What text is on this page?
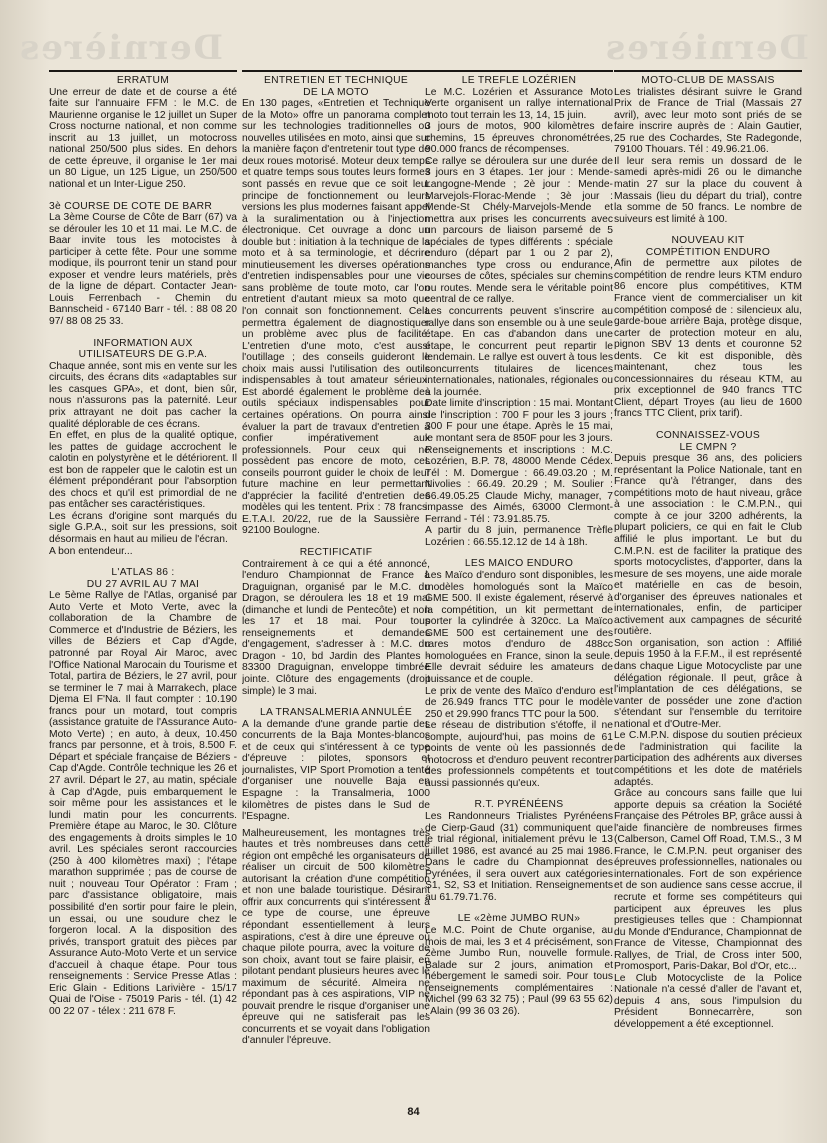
Dernières	Dernières
ERRATUM

Une erreur de date et de course a été faite sur l'annuaire FFM : le M.C. de Maurienne organise le 12 juillet un Super Cross nocturne national, et non comme inscrit au 13 juillet, un motocross national 250/500 plus sides. En dehors de cette épreuve, il organise le 1er mai un 80 Ligue, un 125 Ligue, un 250/500 national et un Inter-Ligue 250.

3è COURSE DE COTE DE BARR

La 3ème Course de Côte de Barr (67) va se dérouler les 10 et 11 mai. Le M.C. de Baar invite tous les motocistes à participer à cette fête. Pour une somme modique, ils pourront tenir un stand pour exposer et vendre leurs matériels, près de la ligne de départ. Contacter Jean-Louis Ferrenbach - Chemin du Bannscheid - 67140 Barr - tél. : 88 08 20 97/ 88 08 25 33.

INFORMATION AUX
UTILISATEURS DE G.P.A.

Chaque année, sont mis en vente sur les circuits, des écrans dits «adaptables sur les casques GPA», et dont, bien sûr, nous n'assurons pas la paternité. Leur prix attrayant ne doit pas cacher la qualité déplorable de ces écrans.

En effet, en plus de la qualité optique, les pattes de guidage accrochent le calotin en polystyrène et le détériorent. Il est bon de rappeler que le calotin est un élément prépondérant pour l'absorption des chocs et qu'il est primordial de ne pas entâcher ses caractéristiques.

Les écrans d'origine sont marqués du sigle G.P.A., soit sur les pressions, soit désormais en haut au milieu de l'écran.

A bon entendeur...

L'ATLAS 86 :
DU 27 AVRIL AU 7 MAI

Le 5ème Rallye de l'Atlas, organisé par Auto Verte et Moto Verte, avec la collaboration de la Chambre de Commerce et d'Industrie de Béziers, les villes de Béziers et Cap d'Agde, patronné par Royal Air Maroc, avec l'Office National Marocain du Tourisme et Total, partira de Béziers, le 27 avril, pour se terminer le 7 mai à Marrakech, place Djema El F'Na. Il faut compter : 10.190 francs pour un motard, tout compris (assistance gratuite de l'Assurance Auto-Moto Verte) ; en auto, à deux, 10.450 francs par personne, et à trois, 8.500 F. Départ et spéciale française de Béziers - Cap d'Agde. Contrôle technique les 26 et 27 avril. Départ le 27, au matin, spéciale à Cap d'Agde, puis embarquement le soir même pour les assistances et le lundi matin pour les concurrents. Première étape au Maroc, le 30. Clôture des engagements à droits simples le 10 avril. Les spéciales seront raccourcies (250 à 400 kilomètres maxi) ; l'étape marathon supprimée ; pas de course de nuit ; nouveau Tour Opérator : Fram ; parc d'assistance obligatoire, mais possibilité d'en sortir pour faire le plein, un essai, ou une soudure chez le forgeron local. A la disposition des privés, transport gratuit des pièces par Assurance Auto-Moto Verte et un service d'accueil à chaque étape. Pour tous renseignements : Service Presse Atlas : Eric Glain - Editions Larivière - 15/17 Quai de l'Oise - 75019 Paris - tél. (1) 42 00 22 07 - télex : 211 678 F.

ENTRETIEN ET TECHNIQUE
DE LA MOTO

En 130 pages, «Entretien et Technique de la Moto» offre un panorama complet sur les technologies traditionnelles ou nouvelles utilisées en moto, ainsi que sur la manière façon d'entretenir tout type de deux roues motorisé. Moteur deux temps et quatre temps sous toutes leurs formes sont passés en revue que ce soit leur principe de fonctionnement ou leurs versions les plus modernes faisant appel à la suralimentation ou à l'injection électronique. Cet ouvrage a donc un double but : initiation à la technique de la moto et à sa terminologie, et décrire minutieusement les diverses opérations d'entretien indispensables pour une vie sans problème de toute moto, car l'on entretient d'autant mieux sa moto que l'on connait son fonctionnement. Cela permettra également de diagnostiquer un problème avec plus de facilité. L'entretien d'une moto, c'est aussi l'outillage ; des conseils guideront le choix mais aussi l'utilisation des outils indispensables à tout amateur sérieux. Est abordé également le problème des outils spéciaux indispensables pour certaines opérations. On pourra ainsi évaluer la part de travaux d'entretien à confier impérativement aux professionnels. Pour ceux qui ne possèdent pas encore de moto, ces conseils pourront guider le choix de leur future machine en leur permettant d'apprécier la facilité d'entretien des modèles qui les tentent. Prix : 78 francs. E.T.A.I. 20/22, rue de la Saussière - 92100 Boulogne.

RECTIFICATIF

Contrairement à ce qui a été annoncé, l'enduro Championnat de France à Draguignan, organisé par le M.C. du Dragon, se déroulera les 18 et 19 mai (dimanche et lundi de Pentecôte) et non les 17 et 18 mai. Pour tous renseignements et demandes d'engagement, s'adresser à : M.C. du Dragon - 10, bd Jardin des Plantes - 83300 Draguignan, enveloppe timbrée jointe. Clôture des engagements (droit simple) le 3 mai.

LA TRANSALMERIA ANNULÉE

A la demande d'une grande partie des concurrents de la Baja Montes-blancos et de ceux qui s'intéressent à ce type d'épreuve : pilotes, sponsors et journalistes, VIP Sport Promotion a tenté d'organiser une nouvelle Baja en Espagne : la Transalmeria, 1000 kilomètres de pistes dans le Sud de l'Espagne.

Malheureusement, les montagnes très hautes et très nombreuses dans cette région ont empêché les organisateurs de réaliser un circuit de 500 kilomètres autorisant la création d'une compétition et non une balade touristique. Désirant offrir aux concurrents qui s'intéressent à ce type de course, une épreuve répondant essentiellement à leurs aspirations, c'est à dire une épreuve où chaque pilote pourra, avec la voiture de son choix, avant tout se faire plaisir, en pilotant pendant plusieurs heures avec le maximum de sécurité. Almeira ne répondant pas à ces aspirations, VIP ne pouvait prendre le risque d'organiser une épreuve qui ne satisferait pas les concurrents et se voyait dans l'obligation d'annuler l'épreuve.

LE TREFLE LOZÉRIEN

Le M.C. Lozérien et Assurance Moto Verte organisent un rallye international moto tout terrain les 13, 14, 15 juin.

3 jours de motos, 900 kilomètres de chemins, 15 épreuves chronométrées, 90.000 francs de récompenses.

Ce rallye se déroulera sur une durée de 3 jours en 3 étapes. 1er jour : Mende-Langogne-Mende ; 2è jour : Mende-Marvejols-Florac-Mende ; 3è jour : Mende-St Chély-Marvejols-Mende et mettra aux prises les concurrents avec un parcours de liaison parsemé de 5 spéciales de types différents : spéciale enduro (départ par 1 ou 2 par 2), manches type cross ou endurance, courses de côtes, spéciales sur chemins ou routes. Mende sera le véritable point central de ce rallye.

Les concurrents peuvent s'inscrire au rallye dans son ensemble ou à une seule étape. En cas d'abandon dans une étape, le concurrent peut repartir le lendemain. Le rallye est ouvert à tous les concurrents titulaires de licences internationales, nationales, régionales ou à la journée.

Date limite d'inscription : 15 mai. Montant de l'inscription : 700 F pour les 3 jours ; 300 F pour une étape. Après le 15 mai, le montant sera de 850F pour les 3 jours.

Renseignements et inscriptions : M.C. Lozérien, B.P. 78, 48000 Mende Cédex. Tél : M. Domergue : 66.49.03.20 ; M. Nivolies : 66.49. 20.29 ; M. Soulier : 66.49.05.25 Claude Michy, manager, 7 impasse des Aimés, 63000 Clermont-Ferrand - Tél : 73.91.85.75.

A partir du 8 juin, permanence Trèfle Lozérien : 66.55.12.12 de 14 à 18h.

LES MAICO ENDURO

Les Maïco d'enduro sont disponibles, les modèles homologués sont la Maïco GME 500. Il existe également, réservé à la compétition, un kit permettant de porter la cylindrée à 320cc. La Maïco GME 500 est certainement une des rares motos d'enduro de 488cc homologuées en France, sinon la seule. Elle devrait séduire les amateurs de puissance et de couple.

Le prix de vente des Maïco d'enduro est de 26.949 francs TTC pour le modèle 250 et 29.990 francs TTC pour la 500.

Le réseau de distribution s'étoffe, il ne compte, aujourd'hui, pas moins de 61 points de vente où les passionnés de motocross et d'enduro peuvent recontrer des professionnels compétents et tout aussi passionnés qu'eux.

R.T. PYRÉNÉENS

Les Randonneurs Trialistes Pyrénéens de Cierp-Gaud (31) communiquent que le trial régional, initialement prévu le 13 juillet 1986, est avancé au 25 mai 1986. Dans le cadre du Championnat des Pyrénées, il sera ouvert aux catégories S1, S2, S3 et Initiation. Renseignements au 61.79.71.76.

LE «2ème JUMBO RUN»

Le M.C. Point de Chute organise, au mois de mai, les 3 et 4 précisément, son 2ème Jumbo Run, nouvelle formule. Balade sur 2 jours, animation et hébergement le samedi soir. Pour tous renseignements complémentaires : Michel (99 63 32 75) ; Paul (99 63 55 62) ; Alain (99 36 03 26).

MOTO-CLUB DE MASSAIS

Les trialistes désirant suivre le Grand Prix de France de Trial (Massais 27 avril), avec leur moto sont priés de se faire inscrire auprès de : Alain Gautier, 25 rue des Cochardes, Ste Radegonde, 79100 Thouars. Tél : 49.96.21.06.

Il leur sera remis un dossard de le samedi après-midi 26 ou le dimanche matin 27 sur la place du couvent à Massais (lieu du départ du trial), contre la somme de 50 francs. Le nombre de suiveurs est limité à 100.

NOUVEAU KIT
COMPÉTITION ENDURO

Afin de permettre aux pilotes de compétition de rendre leurs KTM enduro 86 encore plus compétitives, KTM France vient de commercialiser un kit compétition composé de : silencieux alu, garde-boue arrière Baja, protège disque, carter de protection moteur en alu, pignon SBV 13 dents et couronne 52 dents. Ce kit est disponible, dès maintenant, chez tous les concessionnaires du réseau KTM, au prix exceptionnel de 940 francs TTC Client, départ Troyes (au lieu de 1600 francs TTC Client, prix tarif).

CONNAISSEZ-VOUS
LE CMPN ?

Depuis presque 36 ans, des policiers représentant la Police Nationale, tant en France qu'à l'étranger, dans des compétitions moto de haut niveau, grâce à une association : le C.M.P.N., qui compte à ce jour 3200 adhérents, la plupart policiers, ce qui en fait le Club affilié le plus important. Le but du C.M.P.N. est de faciliter la pratique des sports motocyclistes, d'apporter, dans la mesure de ses moyens, une aide morale et matérielle en cas de besoin, d'organiser des épreuves nationales et internationales, enfin, de participer activement aux campagnes de sécurité routière.

Son organisation, son action : Affilié depuis 1950 à la F.F.M., il est représenté dans chaque Ligue Motocycliste par une délégation régionale. Il peut, grâce à l'implantation de ces délégations, se vanter de posséder une zone d'action s'étendant sur l'ensemble du territoire national et d'Outre-Mer.

Le C.M.P.N. dispose du soutien précieux de l'administration qui facilite la participation des adhérents aux diverses compétitions et les dote de matériels adaptés.

Grâce au concours sans faille que lui apporte depuis sa création la Société Française des Pétroles BP, grâce aussi à l'aide financière de nombreuses firmes (Calberson, Camel Off Road, T.M.S., 3 M France, le C.M.P.N. peut organiser des épreuves professionnelles, nationales ou internationales. Fort de son expérience et de son audience sans cesse accrue, il recrute et forme ses compétiteurs qui participent aux épreuves les plus prestigieuses telles que : Championnat du Monde d'Endurance, Championnat de France de Vitesse, Championnat des Rallyes, de Trial, de Cross inter 500, Promosport, Paris-Dakar, Bol d'Or, etc...

Le Club Motocycliste de la Police Nationale n'a cessé d'aller de l'avant et, depuis 4 ans, sous l'impulsion du Président Bonnecarrère, son développement a été exceptionnel.

84
